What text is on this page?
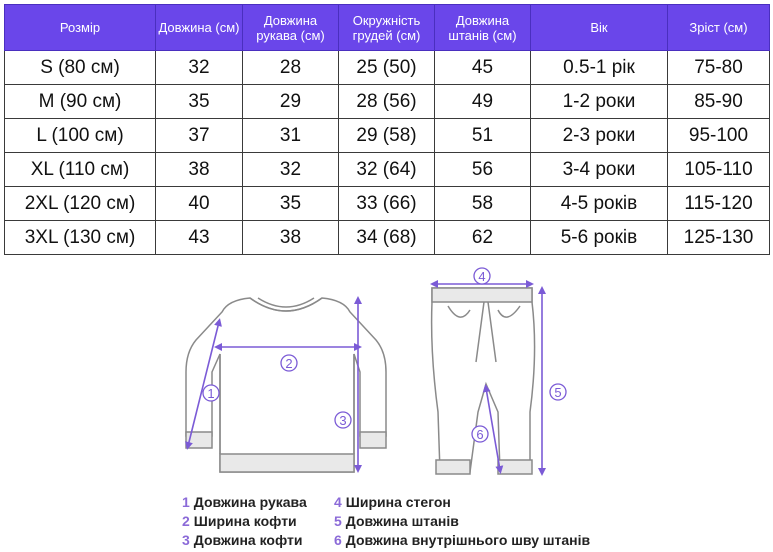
Розмір	Довжина (см)	Довжина рукава (см)	Окружність грудей (см)	Довжина штанів (см)	Вік	Зріст (см)
S (80 см)	32	28	25 (50)	45	0.5-1 рік	75-80
M (90 см)	35	29	28 (56)	49	1-2 роки	85-90
L (100 см)	37	31	29 (58)	51	2-3 роки	95-100
XL (110 см)	38	32	32 (64)	56	3-4 роки	105-110
2XL (120 см)	40	35	33 (66)	58	4-5 років	115-120
3XL (130 см)	43	38	34 (68)	62	5-6 років	125-130
2
1
3
4
5
6
1 Довжина рукава
2 Ширина кофти
3 Довжина кофти
4 Ширина стегон
5 Довжина штанів
6 Довжина внутрішнього шву штанів
